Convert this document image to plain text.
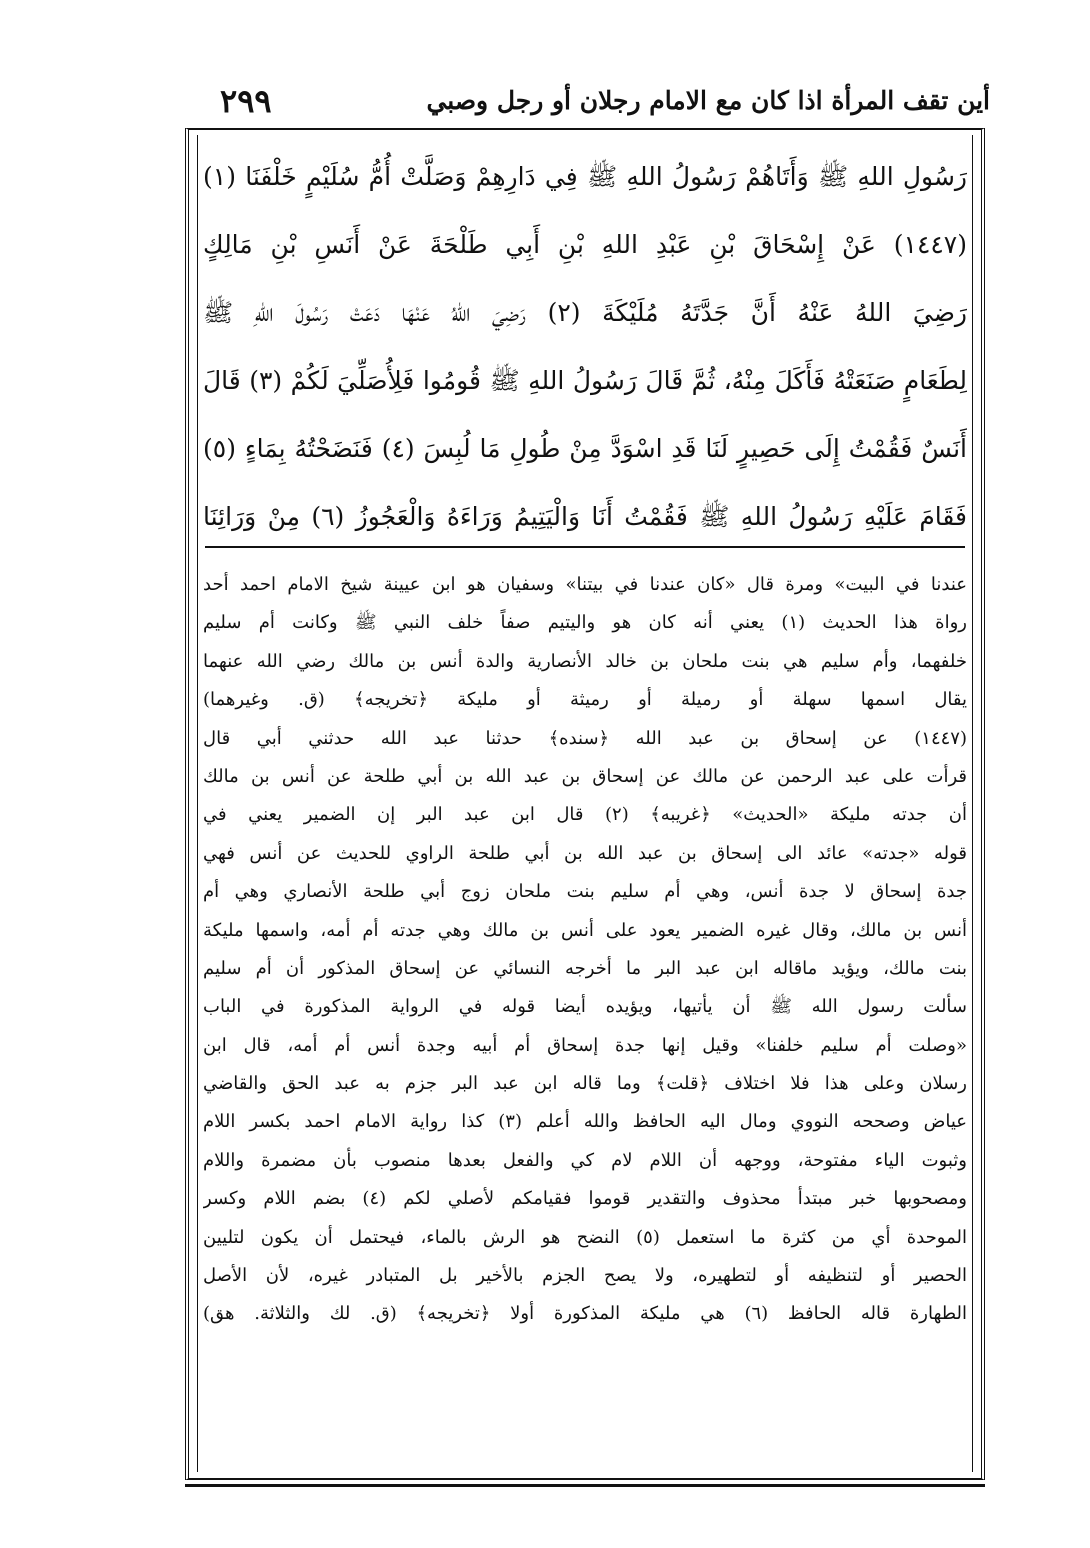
أين تقف المرأة اذا كان مع الامام رجلان أو رجل وصبي
٢٩٩
رَسُولِ اللهِ ﷺ وَأَتَاهُمْ رَسُولُ اللهِ ﷺ فِي دَارِهِمْ وَصَلَّتْ أُمُّ سُلَيْمٍ خَلْفَنَا (١)
(١٤٤٧) عَنْ إِسْحَاقَ بْنِ عَبْدِ اللهِ بْنِ أَبِي طَلْحَةَ عَنْ أَنَسِ بْنِ مَالِكٍ
رَضِيَ اللهُ عَنْهُ أَنَّ جَدَّتَهُ مُلَيْكَةَ (٢) رَضِيَ اللهُ عَنْهَا دَعَتْ رَسُولَ اللهِ ﷺ
لِطَعَامٍ صَنَعَتْهُ فَأَكَلَ مِنْهُ، ثُمَّ قَالَ رَسُولُ اللهِ ﷺ قُومُوا فَلِأُصَلِّيَ لَكُمْ (٣) قَالَ
أَنَسٌ فَقُمْتُ إِلَى حَصِيرٍ لَنَا قَدِ اسْوَدَّ مِنْ طُولِ مَا لُبِسَ (٤) فَنَضَحْتُهُ بِمَاءٍ (٥)
فَقَامَ عَلَيْهِ رَسُولُ اللهِ ﷺ فَقُمْتُ أَنَا وَالْيَتِيمُ وَرَاءَهُ وَالْعَجُوزُ (٦) مِنْ وَرَائِنَا
عندنا في البيت» ومرة قال «كان عندنا في بيتنا» وسفيان هو ابن عيينة شيخ الامام احمد أحد
رواة هذا الحديث (١) يعني أنه كان هو واليتيم صفاً خلف النبي ﷺ وكانت أم سليم
خلفهما، وأم سليم هي بنت ملحان بن خالد الأنصارية والدة أنس بن مالك رضي الله عنهما
يقال اسمها سهلة أو رميلة أو رميثة أو مليكة ﴿تخريجه﴾ (ق. وغيرهما)
(١٤٤٧) عن إسحاق بن عبد الله ﴿سنده﴾ حدثنا عبد الله حدثني أبي قال
قرأت على عبد الرحمن عن مالك عن إسحاق بن عبد الله بن أبي طلحة عن أنس بن مالك
أن جدته مليكة «الحديث» ﴿غريبه﴾ (٢) قال ابن عبد البر إن الضمير يعني في
قوله «جدته» عائد الى إسحاق بن عبد الله بن أبي طلحة الراوي للحديث عن أنس فهي
جدة إسحاق لا جدة أنس، وهي أم سليم بنت ملحان زوج أبي طلحة الأنصاري وهي أم
أنس بن مالك، وقال غيره الضمير يعود على أنس بن مالك وهي جدته أم أمه، واسمها مليكة
بنت مالك، ويؤيد ماقاله ابن عبد البر ما أخرجه النسائي عن إسحاق المذكور أن أم سليم
سألت رسول الله ﷺ أن يأتيها، ويؤيده أيضا قوله في الرواية المذكورة في الباب
«وصلت أم سليم خلفنا» وقيل إنها جدة إسحاق أم أبيه وجدة أنس أم أمه، قال ابن
رسلان وعلى هذا فلا اختلاف ﴿قلت﴾ وما قاله ابن عبد البر جزم به عبد الحق والقاضي
عياض وصححه النووي ومال اليه الحافظ والله أعلم (٣) كذا رواية الامام احمد بكسر اللام
وثبوت الياء مفتوحة، ووجهه أن اللام لام كي والفعل بعدها منصوب بأن مضمرة واللام
ومصحوبها خبر مبتدأ محذوف والتقدير قوموا فقيامكم لأصلي لكم (٤) بضم اللام وكسر
الموحدة أي من كثرة ما استعمل (٥) النضح هو الرش بالماء، فيحتمل أن يكون لتليين
الحصير أو لتنظيفه أو لتطهيره، ولا يصح الجزم بالأخير بل المتبادر غيره، لأن الأصل
الطهارة قاله الحافظ (٦) هي مليكة المذكورة أولا ﴿تخريجه﴾ (ق. لك والثلاثة. هق)
